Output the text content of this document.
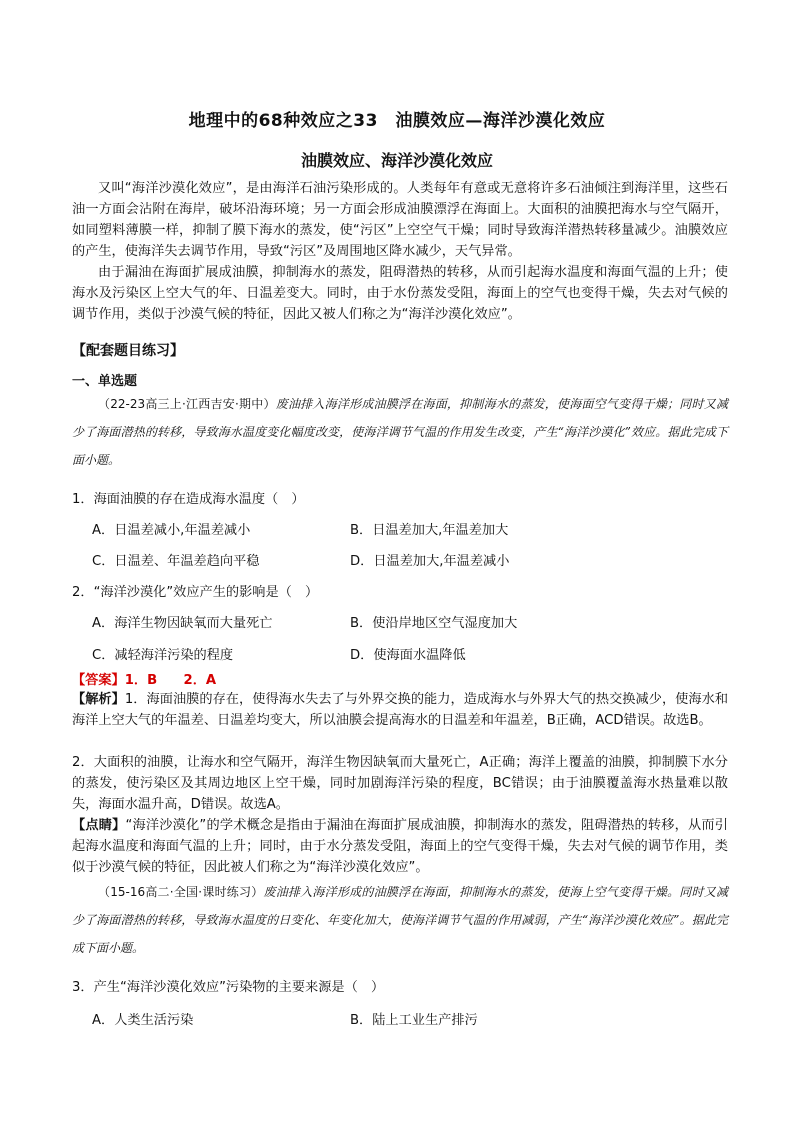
地理中的68种效应之33　油膜效应—海洋沙漠化效应
油膜效应、海洋沙漠化效应
又叫“海洋沙漠化效应”，是由海洋石油污染形成的。人类每年有意或无意将许多石油倾注到海洋里，这些石油一方面会沾附在海岸，破坏沿海环境；另一方面会形成油膜漂浮在海面上。大面积的油膜把海水与空气隔开，如同塑料薄膜一样，抑制了膜下海水的蒸发，使“污区”上空空气干燥；同时导致海洋潜热转移量减少。油膜效应的产生，使海洋失去调节作用，导致“污区”及周围地区降水减少，天气异常。
由于漏油在海面扩展成油膜，抑制海水的蒸发，阻碍潜热的转移，从而引起海水温度和海面气温的上升；使海水及污染区上空大气的年、日温差变大。同时，由于水份蒸发受阻，海面上的空气也变得干燥，失去对气候的调节作用，类似于沙漠气候的特征，因此又被人们称之为“海洋沙漠化效应”。
【配套题目练习】
一、单选题
（22-23高三上·江西吉安·期中）废油排入海洋形成油膜浮在海面，抑制海水的蒸发，使海面空气变得干燥；同时又减少了海面潜热的转移，导致海水温度变化幅度改变，使海洋调节气温的作用发生改变，产生“海洋沙漠化”效应。据此完成下面小题。
1．海面油膜的存在造成海水温度（　）
A．日温差减小,年温差减小	B．日温差加大,年温差加大
C．日温差、年温差趋向平稳	D．日温差加大,年温差减小
2．“海洋沙漠化”效应产生的影响是（　）
A．海洋生物因缺氧而大量死亡	B．使沿岸地区空气湿度加大
C．减轻海洋污染的程度	D．使海面水温降低
【答案】1．B　　2．A
【解析】1．海面油膜的存在，使得海水失去了与外界交换的能力，造成海水与外界大气的热交换减少，使海水和海洋上空大气的年温差、日温差均变大，所以油膜会提高海水的日温差和年温差，B正确，ACD错误。故选B。
2．大面积的油膜，让海水和空气隔开，海洋生物因缺氧而大量死亡，A正确；海洋上覆盖的油膜，抑制膜下水分的蒸发，使污染区及其周边地区上空干燥，同时加剧海洋污染的程度，BC错误；由于油膜覆盖海水热量难以散失，海面水温升高，D错误。故选A。
【点睛】“海洋沙漠化”的学术概念是指由于漏油在海面扩展成油膜，抑制海水的蒸发，阻碍潜热的转移，从而引起海水温度和海面气温的上升；同时，由于水分蒸发受阻，海面上的空气变得干燥，失去对气候的调节作用，类似于沙漠气候的特征，因此被人们称之为“海洋沙漠化效应”。
（15-16高二·全国·课时练习）废油排入海洋形成的油膜浮在海面，抑制海水的蒸发，使海上空气变得干燥。同时又减少了海面潜热的转移，导致海水温度的日变化、年变化加大，使海洋调节气温的作用减弱，产生“海洋沙漠化效应”。据此完成下面小题。
3．产生“海洋沙漠化效应”污染物的主要来源是（　）
A．人类生活污染	B．陆上工业生产排污
